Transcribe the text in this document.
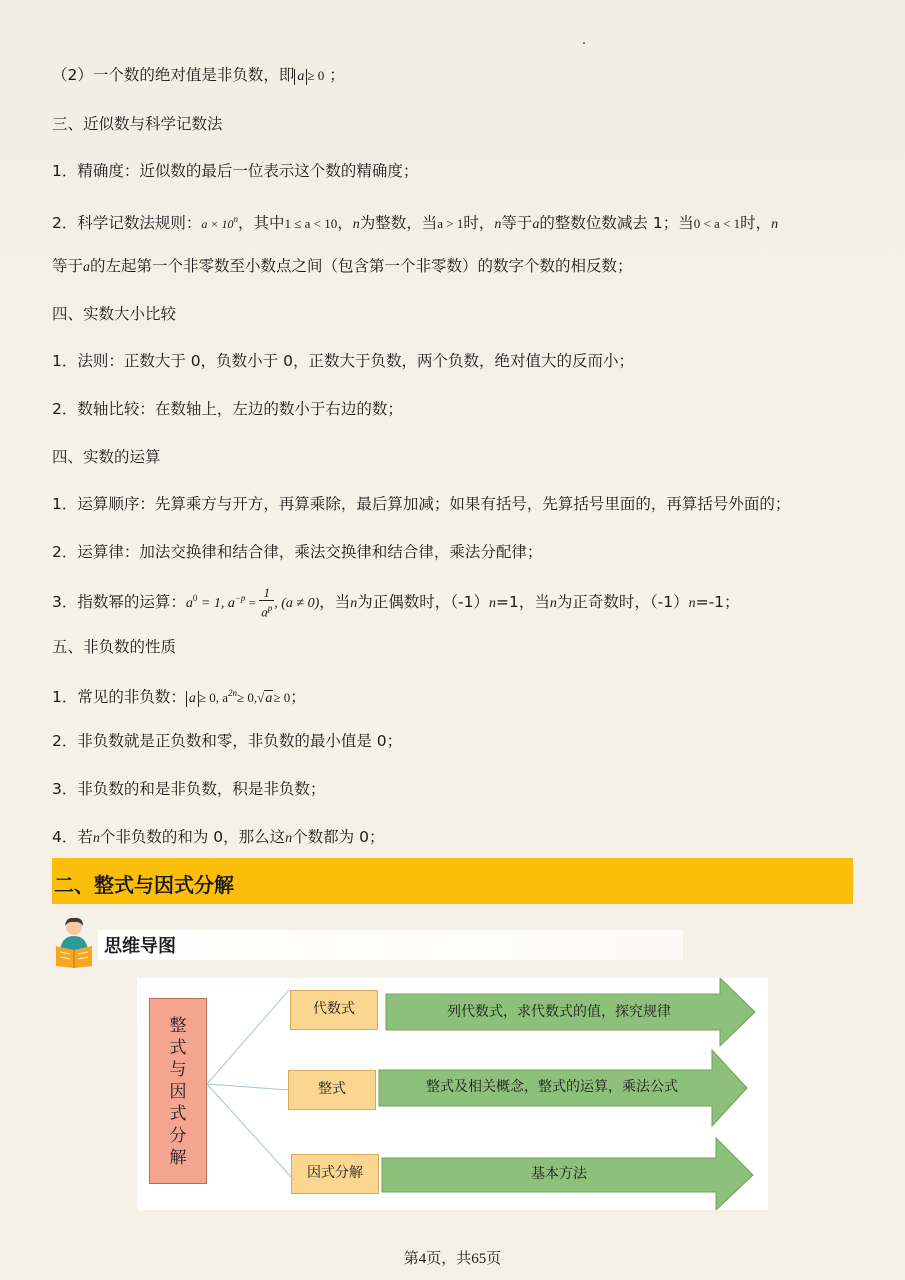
（2）一个数的绝对值是非负数，即 a ≥ 0 ；
三、近似数与科学记数法
1．精确度：近似数的最后一位表示这个数的精确度；
2．科学记数法规则：$a \times 10^n$，其中1 ≤ a < 10，n为整数，当a > 1时，n等于a的整数位数减去 1；当0 < a < 1时，n
等于a的左起第一个非零数至小数点之间（包含第一个非零数）的数字个数的相反数；
四、实数大小比较
1．法则：正数大于 0，负数小于 0，正数大于负数，两个负数，绝对值大的反而小；
2．数轴比较：在数轴上，左边的数小于右边的数；
四、实数的运算
1．运算顺序：先算乘方与开方，再算乘除，最后算加减；如果有括号，先算括号里面的，再算括号外面的；
2．运算律：加法交换律和结合律，乘法交换律和结合律，乘法分配律；
3．指数幂的运算：$a^0 = 1$, $a^{-p} = \frac{1}{a^p}$ , (a ≠ 0)，当n为正偶数时，（-1）n=1，当n为正奇数时，（-1）n=-1；
五、非负数的性质
1．常见的非负数： a ≥ 0, $a^{2n}\ge 0,√a\ge 0$；
2．非负数就是正负数和零，非负数的最小值是 0；
3．非负数的和是非负数，积是非负数；
4．若n个非负数的和为 0，那么这n个数都为 0；
二、整式与因式分解
思维导图
整
式
与
因
式
分
解
代数式
整式
因式分解
列代数式，求代数式的值，探究规律
整式及相关概念，整式的运算，乘法公式
基本方法
第4页，共65页
